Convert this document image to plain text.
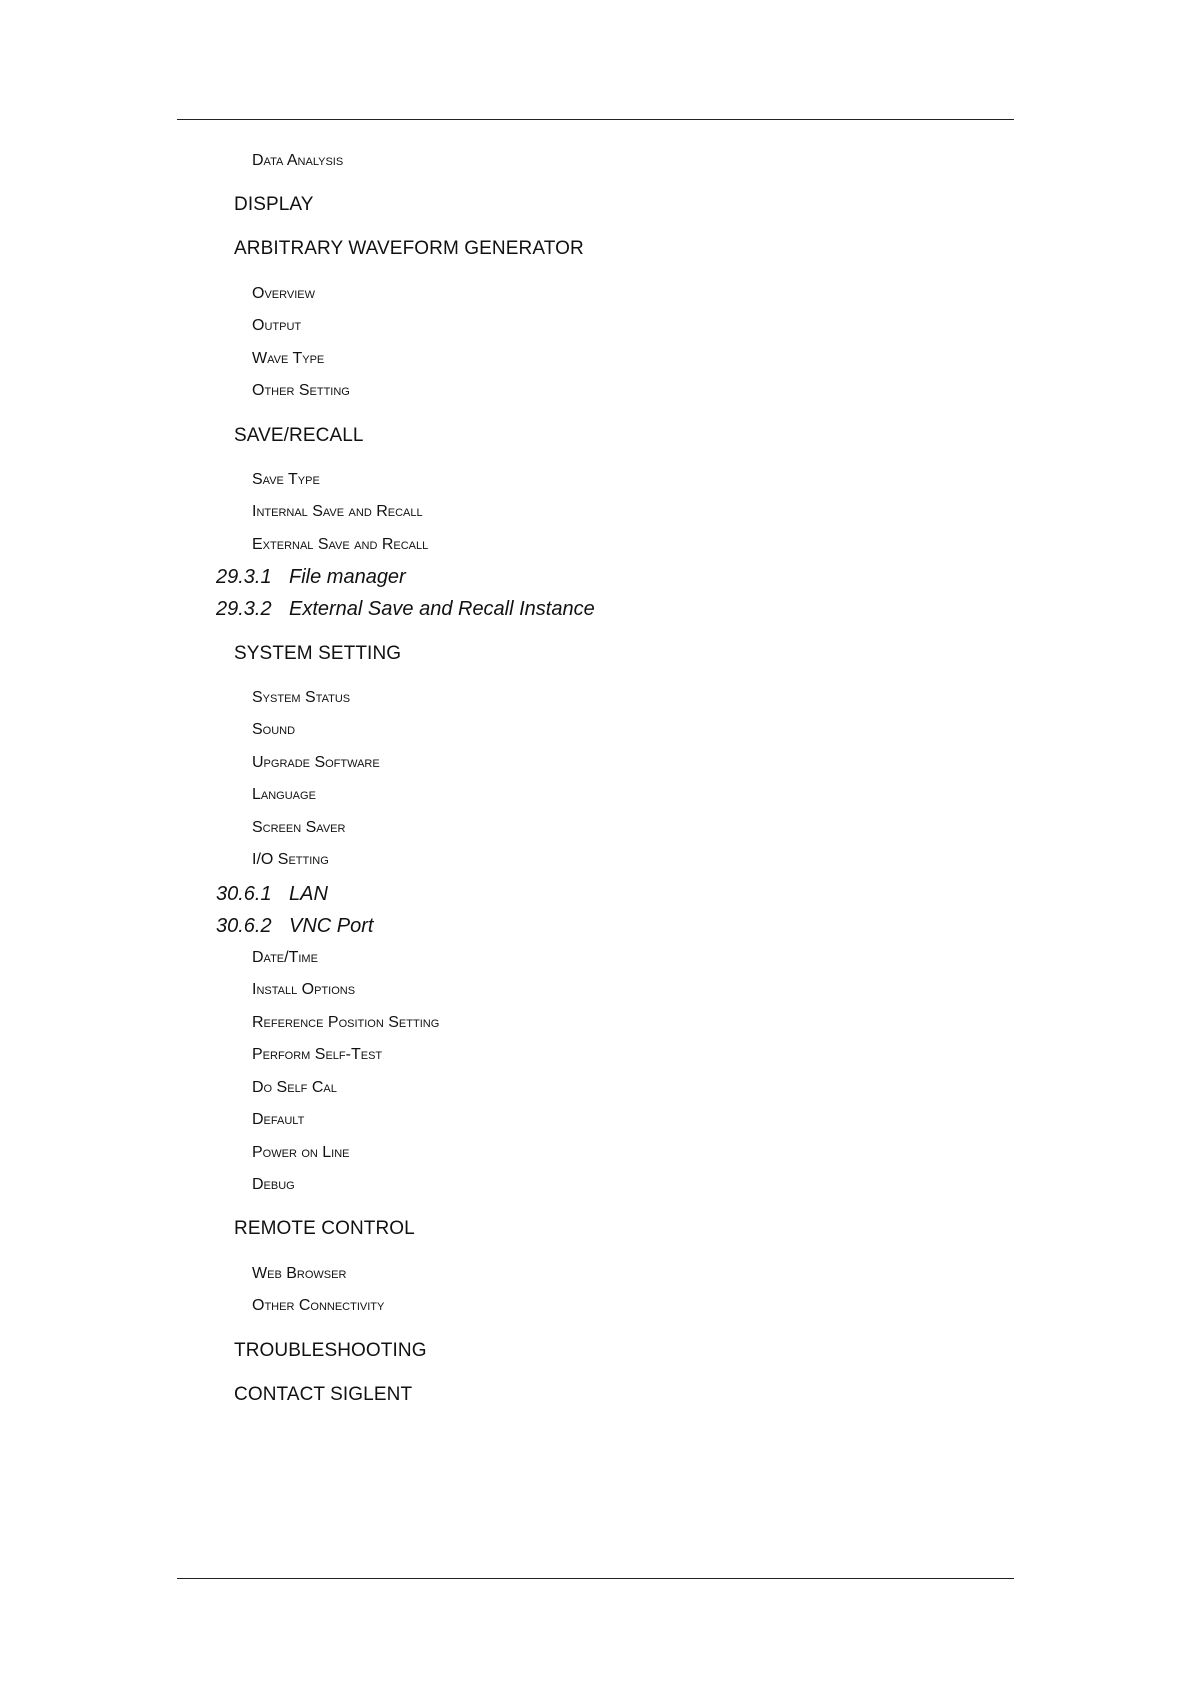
Data Analysis
DISPLAY
ARBITRARY WAVEFORM GENERATOR
Overview
Output
Wave Type
Other Setting
SAVE/RECALL
Save Type
Internal Save and Recall
External Save and Recall
29.3.1 File manager
29.3.2 External Save and Recall Instance
SYSTEM SETTING
System Status
Sound
Upgrade Software
Language
Screen Saver
I/O Setting
30.6.1 LAN
30.6.2 VNC Port
Date/Time
Install Options
Reference Position Setting
Perform Self-Test
Do Self Cal
Default
Power on Line
Debug
REMOTE CONTROL
Web Browser
Other Connectivity
TROUBLESHOOTING
CONTACT SIGLENT
